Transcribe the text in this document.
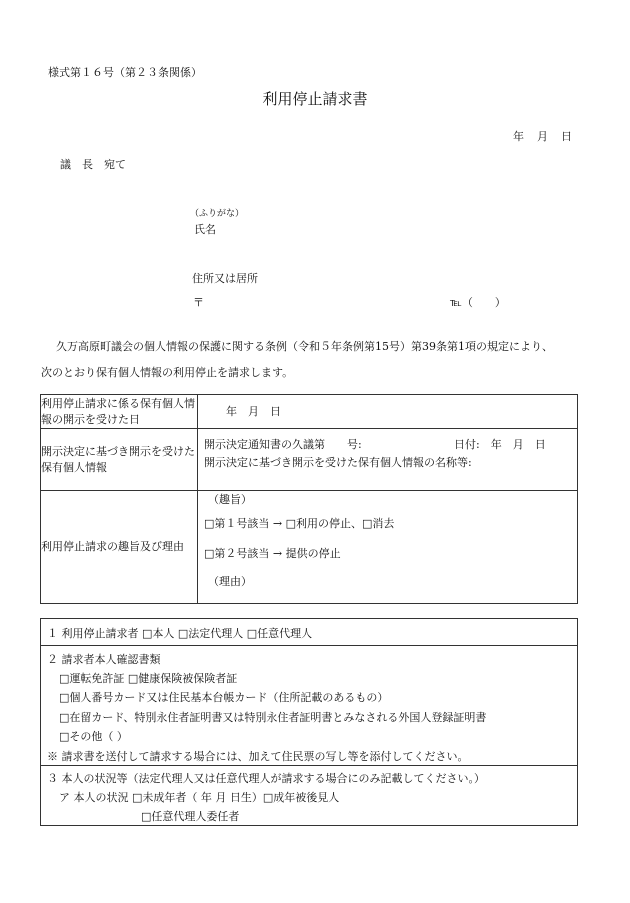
様式第１６号（第２３条関係）
利用停止請求書
年　月　日
議　長　宛て
（ふりがな）
氏名
住所又は居所
〒	℡（　　）
久万高原町議会の個人情報の保護に関する条例（令和５年条例第15号）第39条第1項の規定により、
次のとおり保有個人情報の利用停止を請求します。
利用停止請求に係る保有個人情報の開示を受けた日	年　月　日
開示決定に基づき開示を受けた保有個人情報	開示決定通知書の久議第　　号: 日付:　年　月　日
開示決定に基づき開示を受けた保有個人情報の名称等:

利用停止請求の趣旨及び理由	（趣旨）
□第１号該当 → □利用の停止、□消去
□第２号該当 → 提供の停止
（理由）
１ 利用停止請求者 □本人 □法定代理人 □任意代理人
２ 請求者本人確認書類
□運転免許証 □健康保険被保険者証
□個人番号カード又は住民基本台帳カード（住所記載のあるもの）
□在留カード、特別永住者証明書又は特別永住者証明書とみなされる外国人登録証明書
□その他（ ）
※ 請求書を送付して請求する場合には、加えて住民票の写し等を添付してください。
３ 本人の状況等（法定代理人又は任意代理人が請求する場合にのみ記載してください。）
ア 本人の状況 □未成年者（ 年 月 日生）□成年被後見人
□任意代理人委任者
